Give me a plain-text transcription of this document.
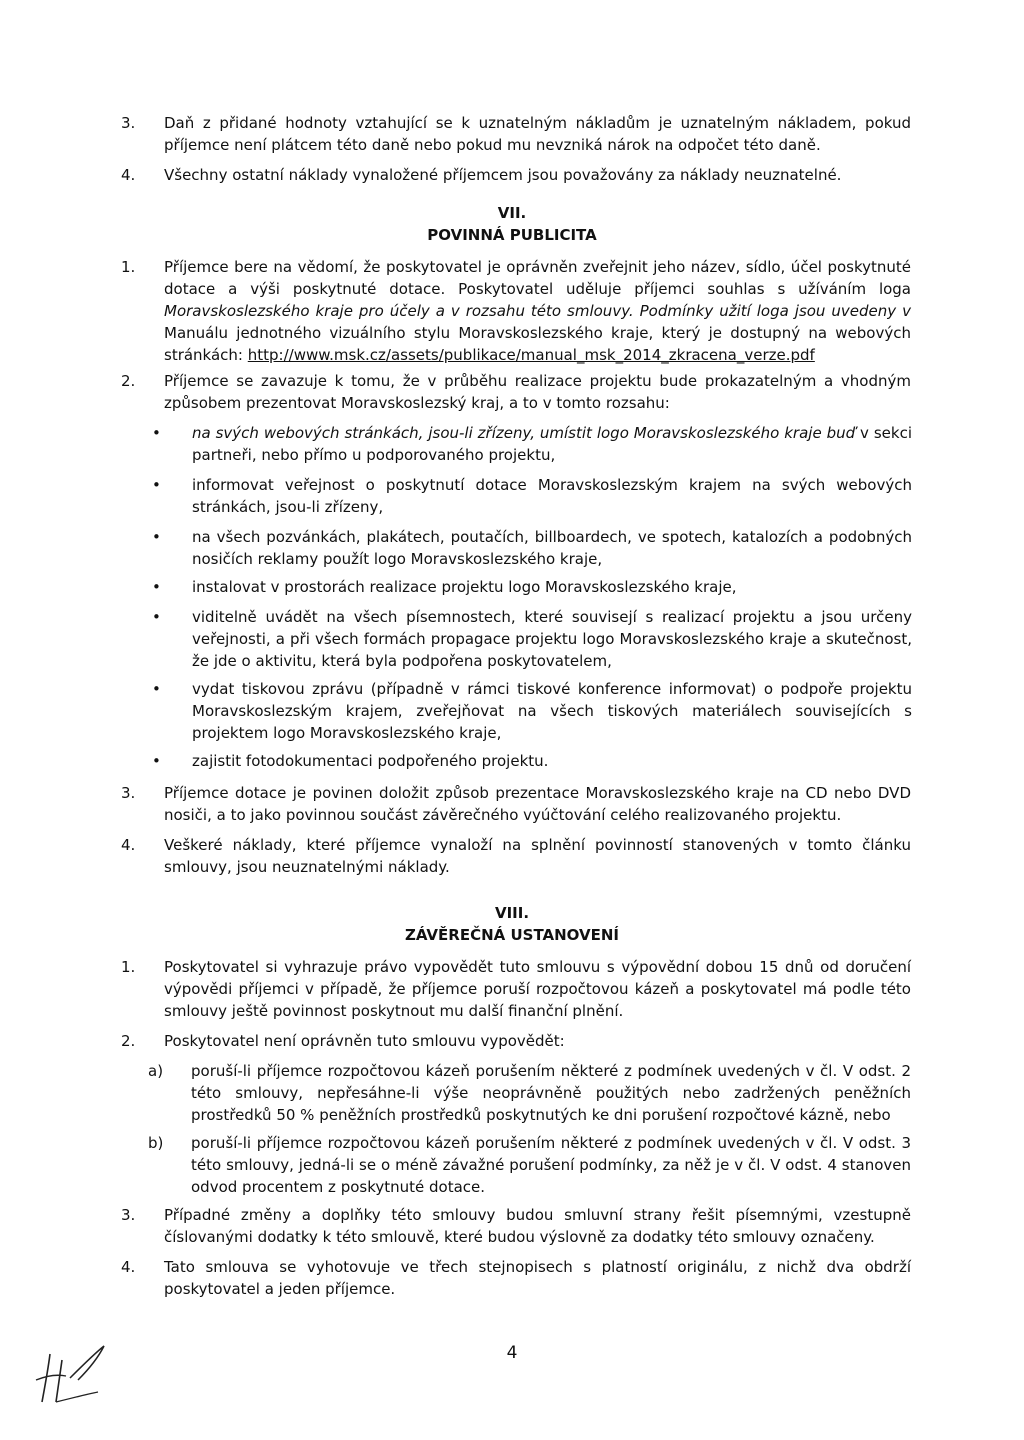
3. Daň z přidané hodnoty vztahující se k uznatelným nákladům je uznatelným nákladem, pokud příjemce není plátcem této daně nebo pokud mu nevzniká nárok na odpočet této daně.
4. Všechny ostatní náklady vynaložené příjemcem jsou považovány za náklady neuznatelné.
VII.
POVINNÁ PUBLICITA
1. Příjemce bere na vědomí, že poskytovatel je oprávněn zveřejnit jeho název, sídlo, účel poskytnuté dotace a výši poskytnuté dotace. Poskytovatel uděluje příjemci souhlas s užíváním loga Moravskoslezského kraje pro účely a v rozsahu této smlouvy. Podmínky užití loga jsou uvedeny v Manuálu jednotného vizuálního stylu Moravskoslezského kraje, který je dostupný na webových stránkách: http://www.msk.cz/assets/publikace/manual_msk_2014_zkracena_verze.pdf
2. Příjemce se zavazuje k tomu, že v průběhu realizace projektu bude prokazatelným a vhodným způsobem prezentovat Moravskoslezský kraj, a to v tomto rozsahu:
• na svých webových stránkách, jsou-li zřízeny, umístit logo Moravskoslezského kraje buď v sekci partneři, nebo přímo u podporovaného projektu,
• informovat veřejnost o poskytnutí dotace Moravskoslezským krajem na svých webových stránkách, jsou-li zřízeny,
• na všech pozvánkách, plakátech, poutačích, billboardech, ve spotech, katalozích a podobných nosičích reklamy použít logo Moravskoslezského kraje,
• instalovat v prostorách realizace projektu logo Moravskoslezského kraje,
• viditelně uvádět na všech písemnostech, které souvisejí s realizací projektu a jsou určeny veřejnosti, a při všech formách propagace projektu logo Moravskoslezského kraje a skutečnost, že jde o aktivitu, která byla podpořena poskytovatelem,
• vydat tiskovou zprávu (případně v rámci tiskové konference informovat) o podpoře projektu Moravskoslezským krajem, zveřejňovat na všech tiskových materiálech souvisejících s projektem logo Moravskoslezského kraje,
• zajistit fotodokumentaci podpořeného projektu.
3. Příjemce dotace je povinen doložit způsob prezentace Moravskoslezského kraje na CD nebo DVD nosiči, a to jako povinnou součást závěrečného vyúčtování celého realizovaného projektu.
4. Veškeré náklady, které příjemce vynaloží na splnění povinností stanovených v tomto článku smlouvy, jsou neuznatelnými náklady.
VIII.
ZÁVĚREČNÁ USTANOVENÍ
1. Poskytovatel si vyhrazuje právo vypovědět tuto smlouvu s výpovědní dobou 15 dnů od doručení výpovědi příjemci v případě, že příjemce poruší rozpočtovou kázeň a poskytovatel má podle této smlouvy ještě povinnost poskytnout mu další finanční plnění.
2. Poskytovatel není oprávněn tuto smlouvu vypovědět:
a) poruší-li příjemce rozpočtovou kázeň porušením některé z podmínek uvedených v čl. V odst. 2 této smlouvy, nepřesáhne-li výše neoprávněně použitých nebo zadržených peněžních prostředků 50 % peněžních prostředků poskytnutých ke dni porušení rozpočtové kázně, nebo
b) poruší-li příjemce rozpočtovou kázeň porušením některé z podmínek uvedených v čl. V odst. 3 této smlouvy, jedná-li se o méně závažné porušení podmínky, za něž je v čl. V odst. 4 stanoven odvod procentem z poskytnuté dotace.
3. Případné změny a doplňky této smlouvy budou smluvní strany řešit písemnými, vzestupně číslovanými dodatky k této smlouvě, které budou výslovně za dodatky této smlouvy označeny.
4. Tato smlouva se vyhotovuje ve třech stejnopisech s platností originálu, z nichž dva obdrží poskytovatel a jeden příjemce.
4
